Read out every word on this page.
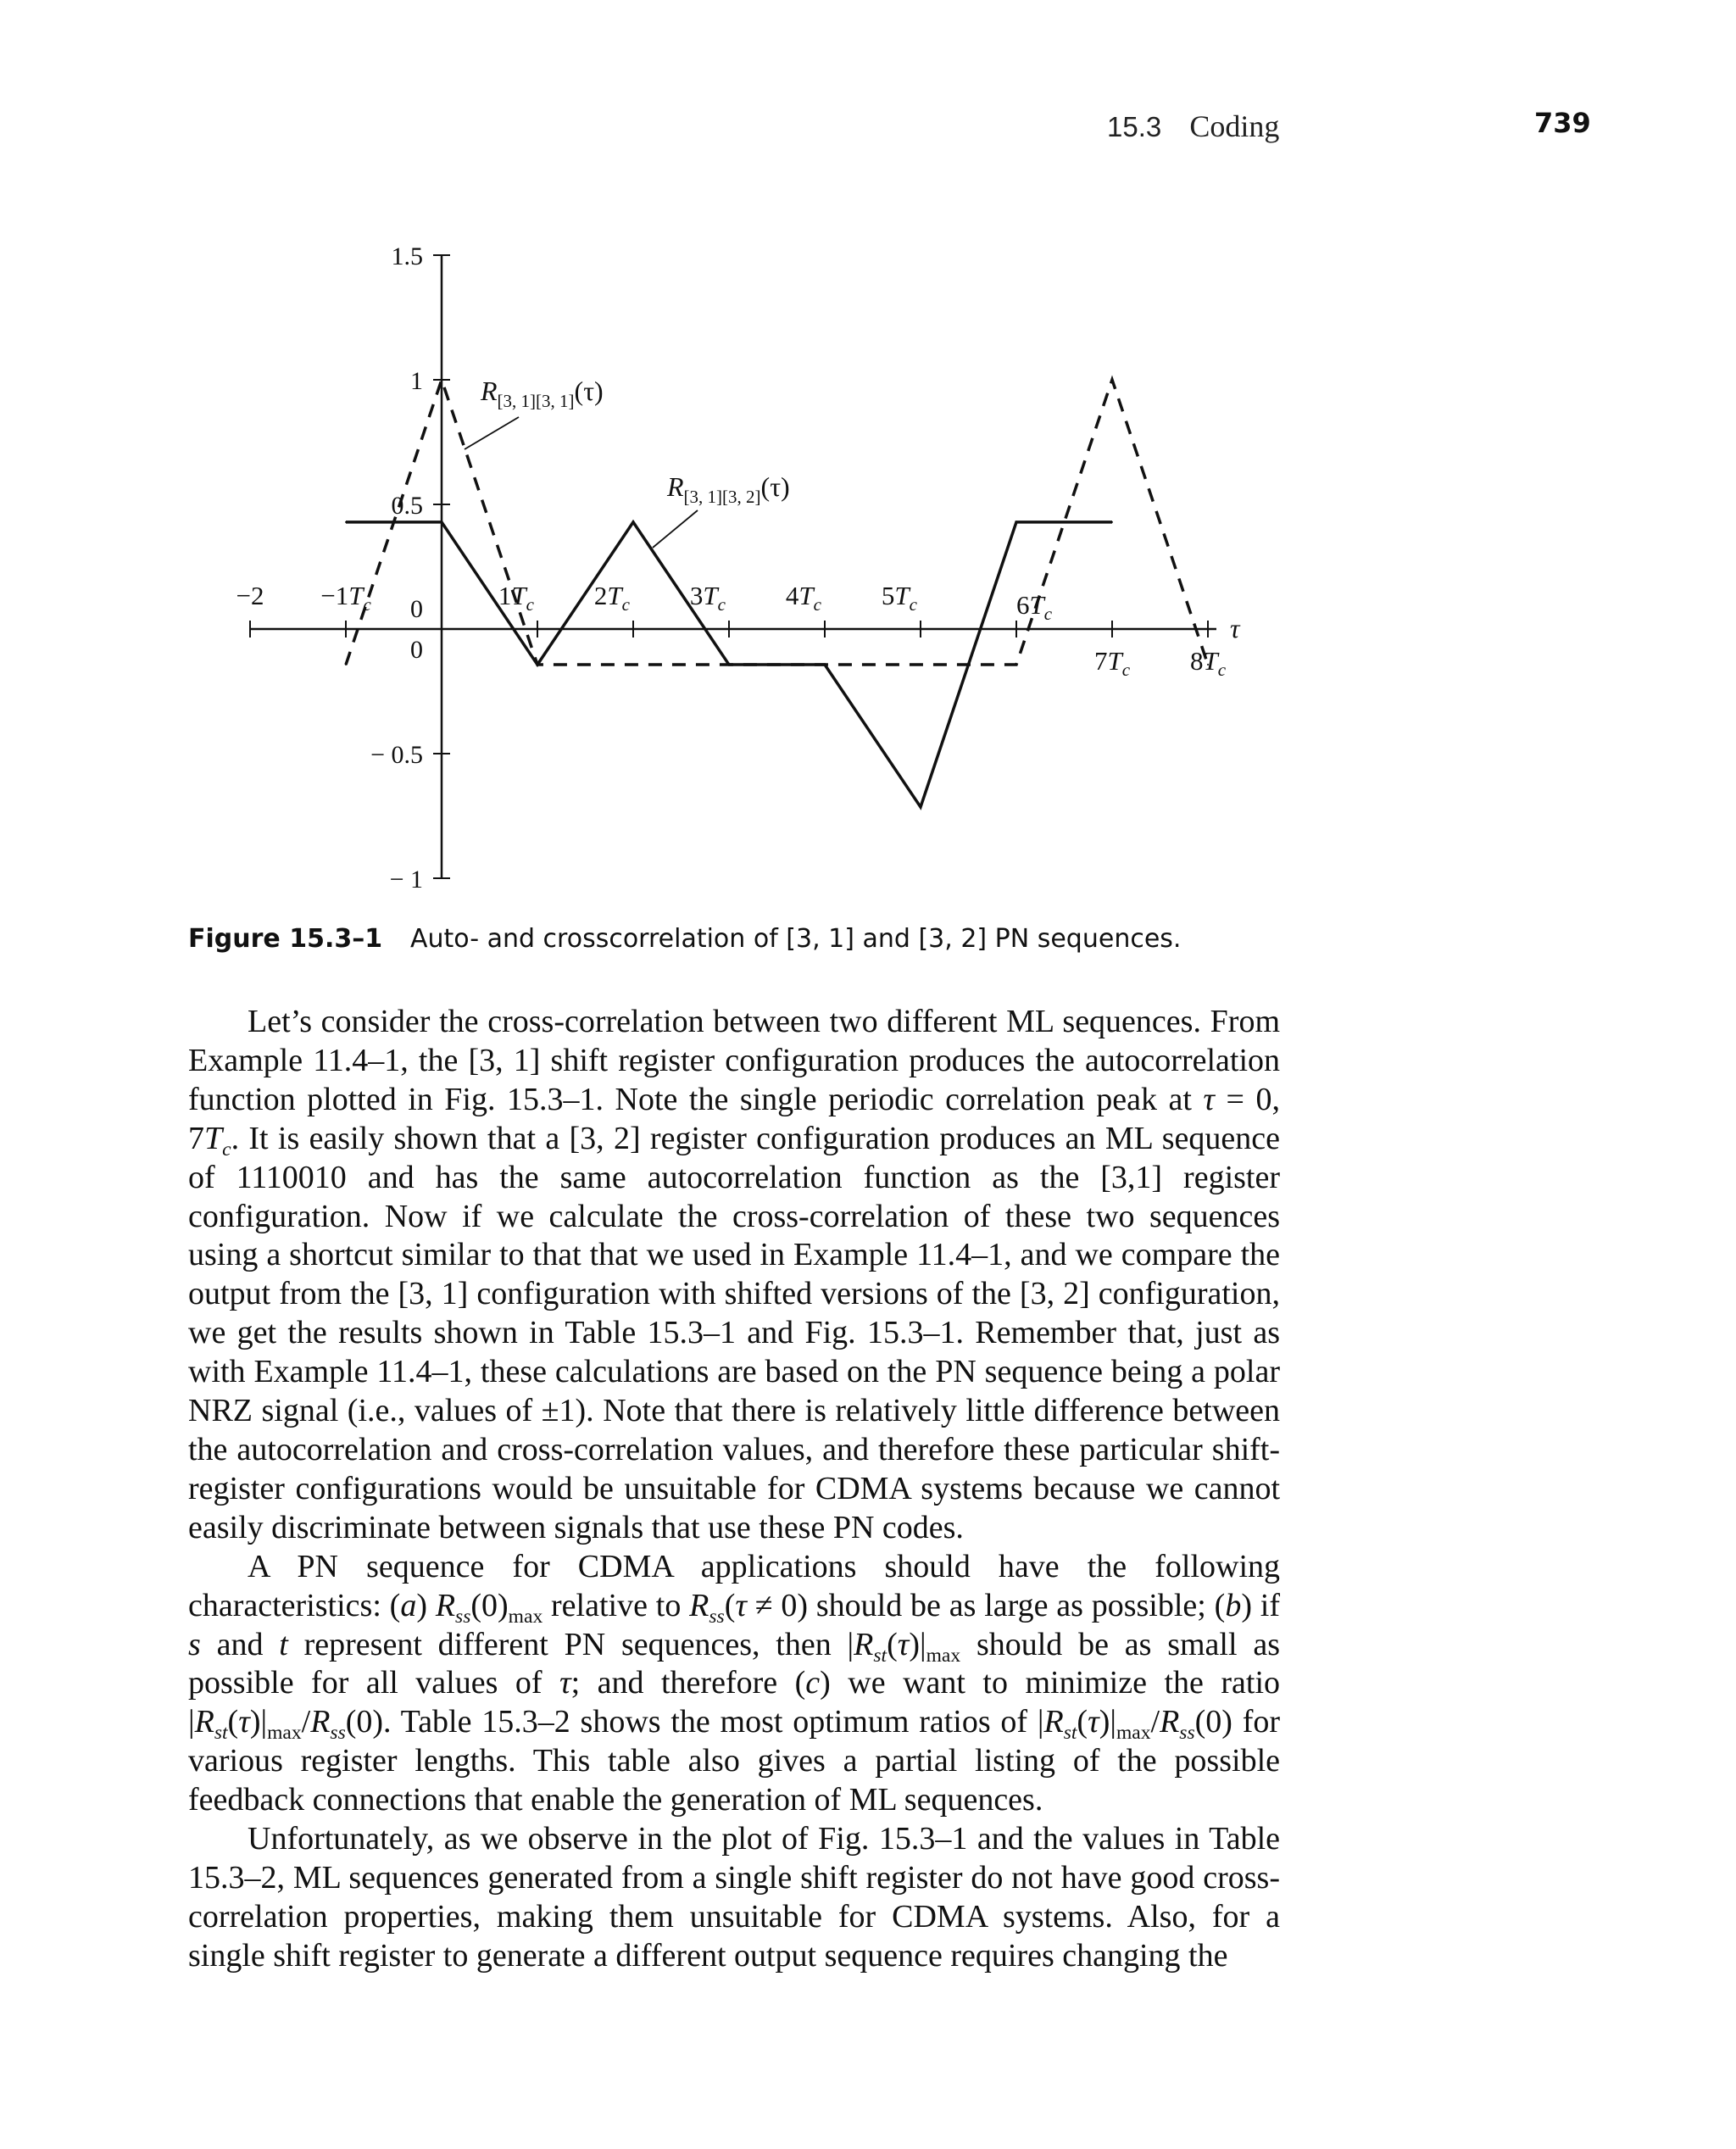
15.3 Coding	739
1.5
1
0.5
− 0.5
− 1
0
0
$-2 -1T_c$	$1T_c$ $2T_c$ $3T_c$ $4T_c$ $5T_c$	$6T_c$
$7T_c$ $8T_c$
τ
$R_{[3, 1][3, 1]}(\tau)$
$R_{[3, 1][3, 2]}(\tau)$
Figure 15.3–1 Auto- and crosscorrelation of [3, 1] and [3, 2] PN sequences.

Let’s consider the cross-correlation between two different ML sequences. From Example 11.4–1, the [3, 1] shift register configuration produces the autocorrelation function plotted in Fig. 15.3–1. Note the single periodic correlation peak at τ = 0, $7T_c$. It is easily shown that a [3, 2] register configuration produces an ML sequence of 1110010 and has the same autocorrelation function as the [3,1] register configuration. Now if we calculate the cross-correlation of these two sequences using a shortcut similar to that that we used in Example 11.4–1, and we compare the output from the [3, 1] configuration with shifted versions of the [3, 2] configuration, we get the results shown in Table 15.3–1 and Fig. 15.3–1. Remember that, just as with Example 11.4–1, these calculations are based on the PN sequence being a polar NRZ signal (i.e., values of ±1). Note that there is relatively little difference between the autocorrelation and cross-correlation values, and therefore these particular shift-register configurations would be unsuitable for CDMA systems because we cannot easily discriminate between signals that use these PN codes.

A PN sequence for CDMA applications should have the following characteristics: (a) $R_{ss}(0)_{max}$ relative to $R_{ss}(\tau \ne 0)$ should be as large as possible; (b) if s and t represent different PN sequences, then $|R_{st}(\tau)|_{max}$ should be as small as possible for all values of τ; and therefore (c) we want to minimize the ratio $|R_{st}(\tau)|_{max}/R_{ss}(0)$. Table 15.3–2 shows the most optimum ratios of $|R_{st}(\tau)|_{max}/R_{ss}(0)$ for various register lengths. This table also gives a partial listing of the possible feedback connections that enable the generation of ML sequences.

Unfortunately, as we observe in the plot of Fig. 15.3–1 and the values in Table 15.3–2, ML sequences generated from a single shift register do not have good cross-correlation properties, making them unsuitable for CDMA systems. Also, for a single shift register to generate a different output sequence requires changing the
